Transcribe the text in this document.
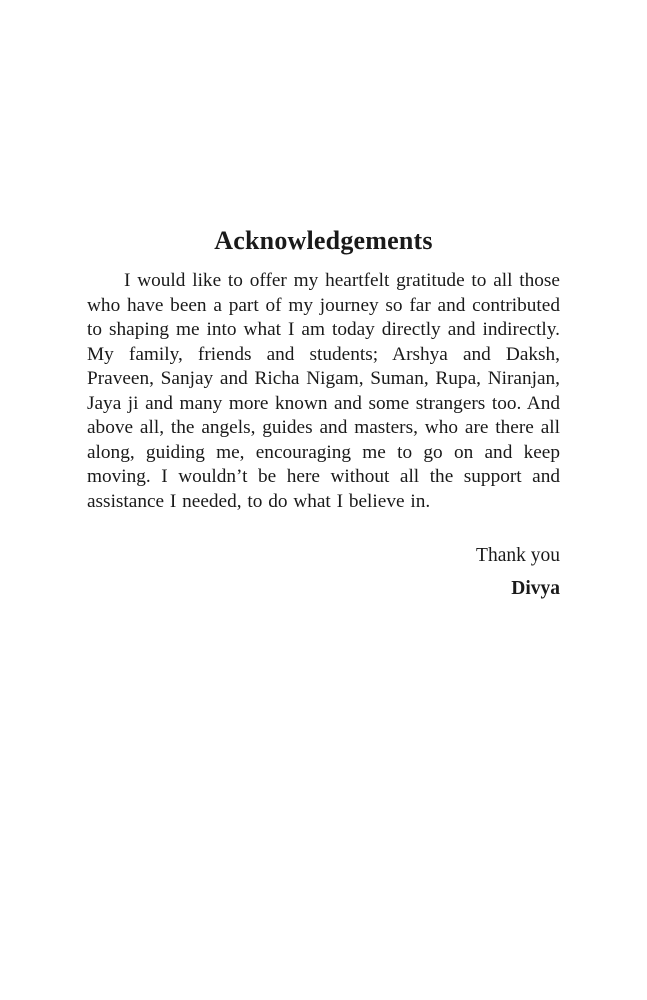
Acknowledgements

I would like to offer my heartfelt gratitude to all those who have been a part of my journey so far and contributed to shaping me into what I am today directly and indirectly. My family, friends and students; Arshya and Daksh, Praveen, Sanjay and Richa Nigam, Suman, Rupa, Niranjan, Jaya ji and many more known and some strangers too. And above all, the angels, guides and masters, who are there all along, guiding me, encouraging me to go on and keep moving. I wouldn’t be here without all the support and assistance I needed, to do what I believe in.

Thank you

Divya
